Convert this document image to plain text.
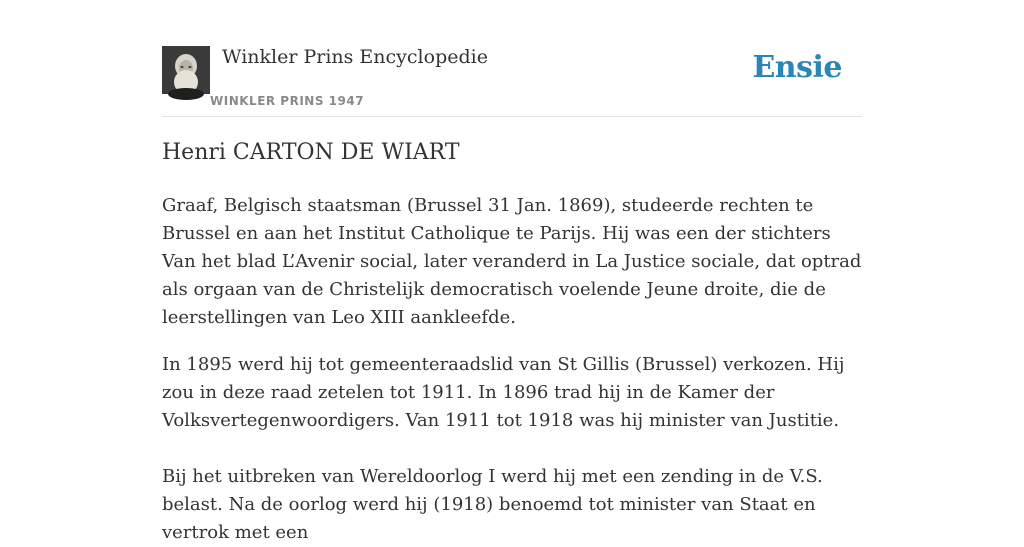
Winkler Prins Encyclopedie
WINKLER PRINS 1947
Ensie
Henri CARTON DE WIART

Graaf, Belgisch staatsman (Brussel 31 Jan. 1869), studeerde rechten te Brussel en aan het Institut Catholique te Parijs. Hij was een der stichters Van het blad L’Avenir social, later veranderd in La Justice sociale, dat optrad als orgaan van de Christelijk democratisch voelende Jeune droite, die de leerstellingen van Leo XIII aankleefde.

In 1895 werd hij tot gemeenteraadslid van St Gillis (Brussel) verkozen. Hij zou in deze raad zetelen tot 1911. In 1896 trad hij in de Kamer der Volksvertegenwoordigers. Van 1911 tot 1918 was hij minister van Justitie.

Bij het uitbreken van Wereldoorlog I werd hij met een zending in de V.S. belast. Na de oorlog werd hij (1918) benoemd tot minister van Staat en vertrok met een
